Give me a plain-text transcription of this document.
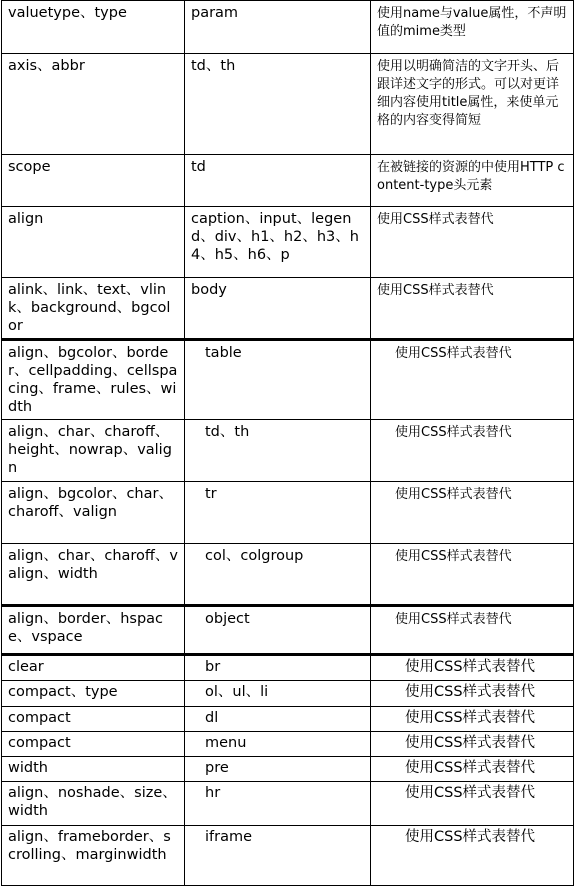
valuetype、type	param	使用name与value属性，不声明值的mime类型
axis、abbr	td、th	使用以明确简洁的文字开头、后跟详述文字的形式。可以对更详细内容使用title属性，来使单元格的内容变得简短
scope	td	在被链接的资源的中使用HTTP content-type头元素
align	caption、input、legend、div、h1、h2、h3、h4、h5、h6、p	使用CSS样式表替代
alink、link、text、vlink、background、bgcolor	body	使用CSS样式表替代
align、bgcolor、border、cellpadding、cellspacing、frame、rules、width	table	使用CSS样式表替代
align、char、charoff、height、nowrap、valign	td、th	使用CSS样式表替代
align、bgcolor、char、charoff、valign	tr	使用CSS样式表替代
align、char、charoff、valign、width	col、colgroup	使用CSS样式表替代
align、border、hspace、vspace	object	使用CSS样式表替代
clear	br	使用CSS样式表替代
compact、type	ol、ul、li	使用CSS样式表替代
compact	dl	使用CSS样式表替代
compact	menu	使用CSS样式表替代
width	pre	使用CSS样式表替代
align、noshade、size、width	hr	使用CSS样式表替代
align、frameborder、scrolling、marginwidth	iframe	使用CSS样式表替代
